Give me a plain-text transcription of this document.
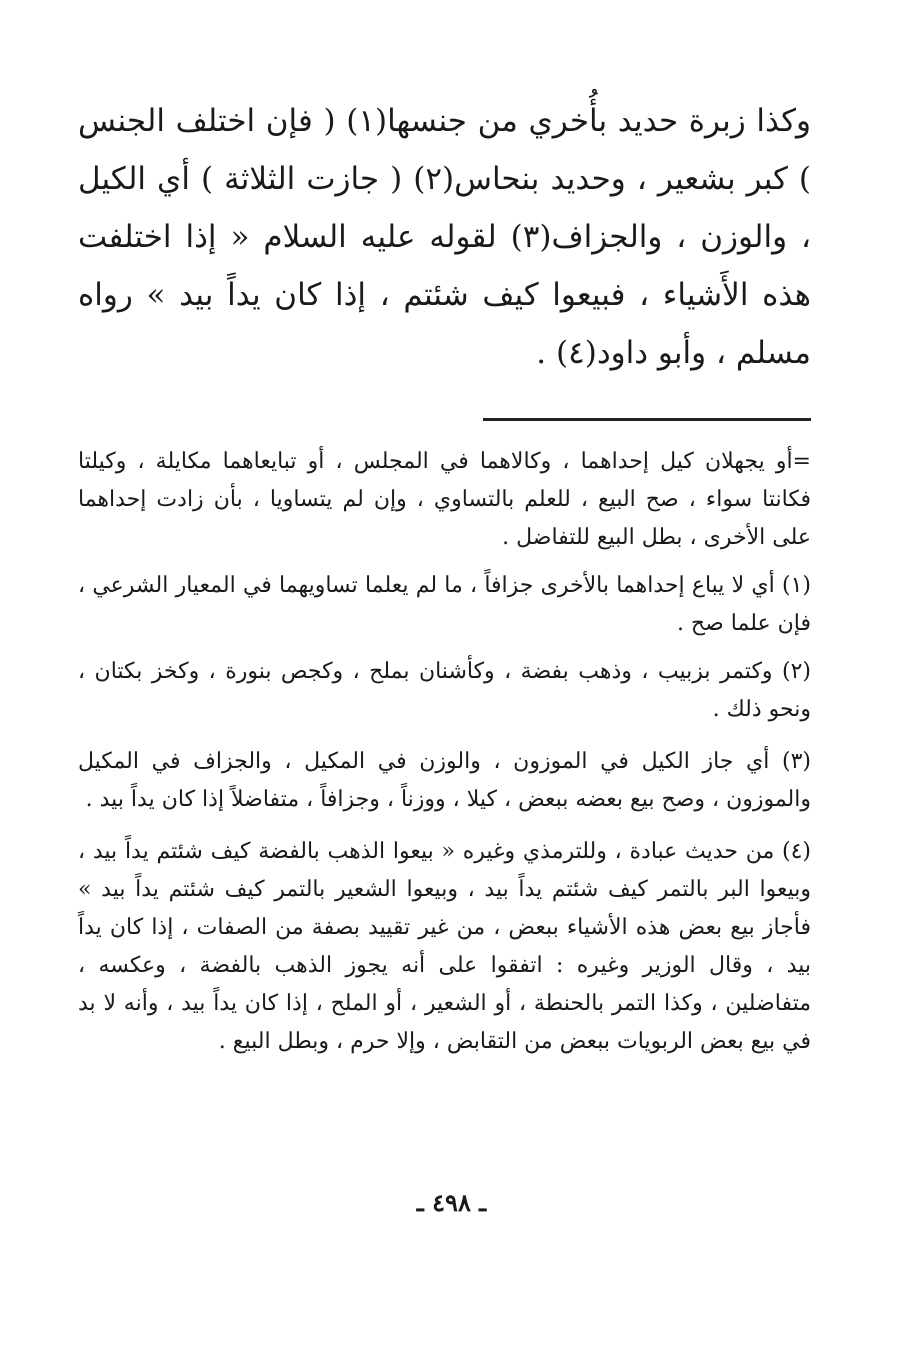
وكذا زبرة حديد بأُخري من جنسها(١) ( فإن اختلف الجنس ) كبر بشعير ، وحديد بنحاس(٢) ( جازت الثلاثة ) أي الكيل ، والوزن ، والجزاف(٣) لقوله عليه السلام « إذا اختلفت هذه الأَشياء ، فبيعوا كيف شئتم ، إذا كان يداً بيد » رواه مسلم ، وأبو داود(٤) .

=أو يجهلان كيل إحداهما ، وكالاهما في المجلس ، أو تبايعاهما مكايلة ، وكيلتا فكانتا سواء ، صح البيع ، للعلم بالتساوي ، وإن لم يتساويا ، بأن زادت إحداهما على الأخرى ، بطل البيع للتفاضل .

(١) أي لا يباع إحداهما بالأخرى جزافاً ، ما لم يعلما تساويهما في المعيار الشرعي ، فإن علما صح .

(٢) وكتمر بزبيب ، وذهب بفضة ، وكأشنان بملح ، وكجص بنورة ، وكخز بكتان ، ونحو ذلك .

(٣) أي جاز الكيل في الموزون ، والوزن في المكيل ، والجزاف في المكيل والموزون ، وصح بيع بعضه ببعض ، كيلا ، ووزناً ، وجزافاً ، متفاضلاً إذا كان يداً بيد .

(٤) من حديث عبادة ، وللترمذي وغيره « بيعوا الذهب بالفضة كيف شئتم يداً بيد ، وبيعوا البر بالتمر كيف شئتم يداً بيد ، وبيعوا الشعير بالتمر كيف شئتم يداً بيد » فأجاز بيع بعض هذه الأشياء ببعض ، من غير تقييد بصفة من الصفات ، إذا كان يداً بيد ، وقال الوزير وغيره : اتفقوا على أنه يجوز الذهب بالفضة ، وعكسه ، متفاضلين ، وكذا التمر بالحنطة ، أو الشعير ، أو الملح ، إذا كان يداً بيد ، وأنه لا بد في بيع بعض الربويات ببعض من التقابض ، وإلا حرم ، وبطل البيع .

ـ ٤٩٨ ـ
